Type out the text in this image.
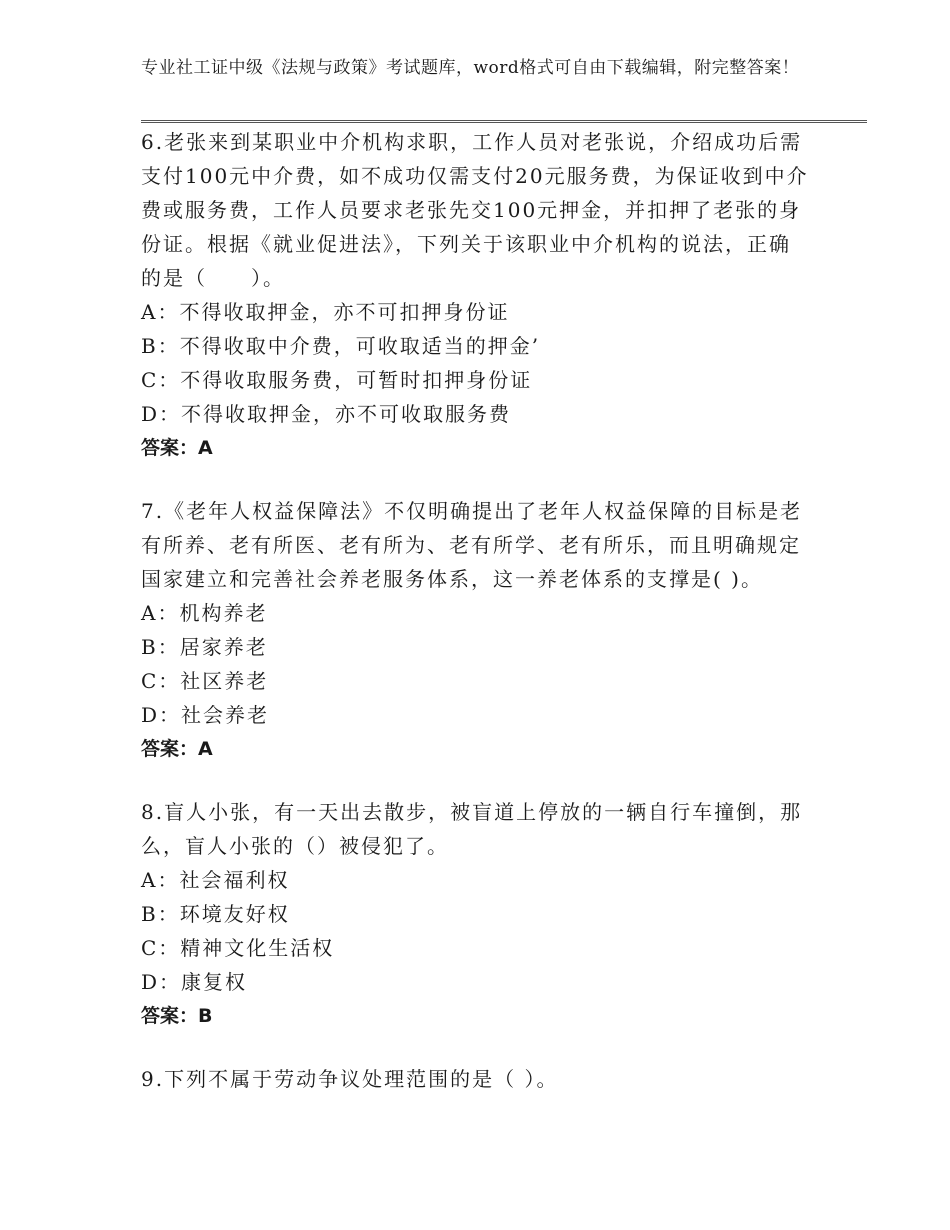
专业社工证中级《法规与政策》考试题库，word格式可自由下载编辑，附完整答案！

6.老张来到某职业中介机构求职，工作人员对老张说，介绍成功后需支付100元中介费，如不成功仅需支付20元服务费，为保证收到中介费或服务费，工作人员要求老张先交100元押金，并扣押了老张的身份证。根据《就业促进法》，下列关于该职业中介机构的说法，正确的是（　　）。

A：不得收取押金，亦不可扣押身份证

B：不得收取中介费，可收取适当的押金’

C：不得收取服务费，可暂时扣押身份证

D：不得收取押金，亦不可收取服务费

答案：A

7.《老年人权益保障法》不仅明确提出了老年人权益保障的目标是老有所养、老有所医、老有所为、老有所学、老有所乐，而且明确规定国家建立和完善社会养老服务体系，这一养老体系的支撑是( )。

A：机构养老

B：居家养老

C：社区养老

D：社会养老

答案：A

8.盲人小张，有一天出去散步，被盲道上停放的一辆自行车撞倒，那么，盲人小张的（）被侵犯了。

A：社会福利权

B：环境友好权

C：精神文化生活权

D：康复权

答案：B

9.下列不属于劳动争议处理范围的是（ ）。
